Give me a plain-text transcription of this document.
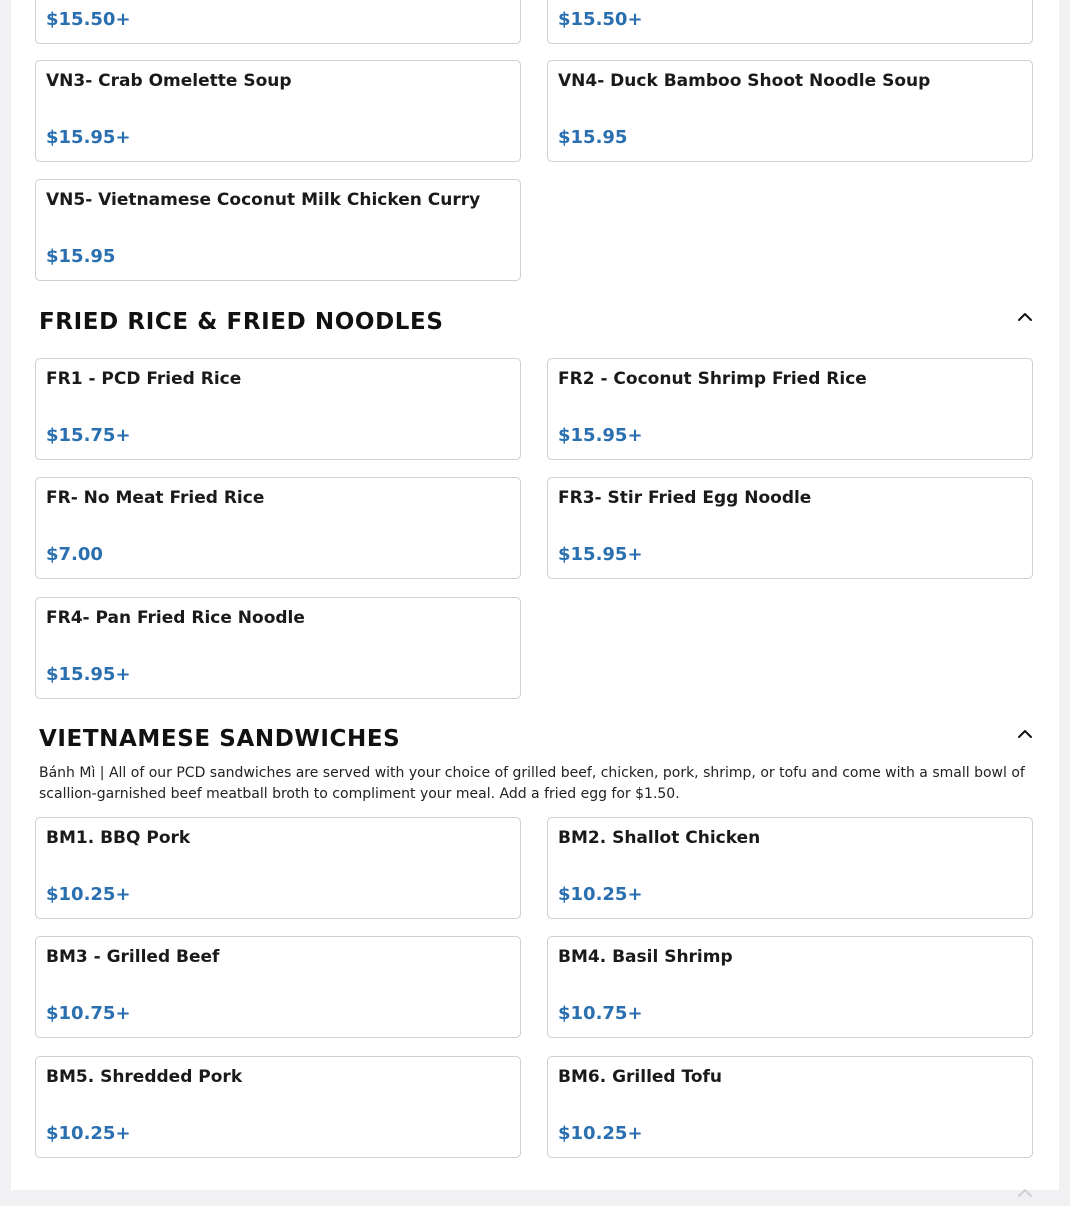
$15.50+	$15.50+
VN3- Crab Omelette Soup
$15.95+
VN4- Duck Bamboo Shoot Noodle Soup
$15.95
VN5- Vietnamese Coconut Milk Chicken Curry
$15.95
FRIED RICE & FRIED NOODLES
FR1 - PCD Fried Rice
$15.75+
FR2 - Coconut Shrimp Fried Rice
$15.95+
FR- No Meat Fried Rice
$7.00
FR3- Stir Fried Egg Noodle
$15.95+
FR4- Pan Fried Rice Noodle
$15.95+
VIETNAMESE SANDWICHES
Bánh Mì | All of our PCD sandwiches are served with your choice of grilled beef, chicken, pork, shrimp, or tofu and come with a small bowl of scallion-garnished beef meatball broth to compliment your meal. Add a fried egg for $1.50.
BM1. BBQ Pork
$10.25+
BM2. Shallot Chicken
$10.25+
BM3 - Grilled Beef
$10.75+
BM4. Basil Shrimp
$10.75+
BM5. Shredded Pork
$10.25+
BM6. Grilled Tofu
$10.25+
